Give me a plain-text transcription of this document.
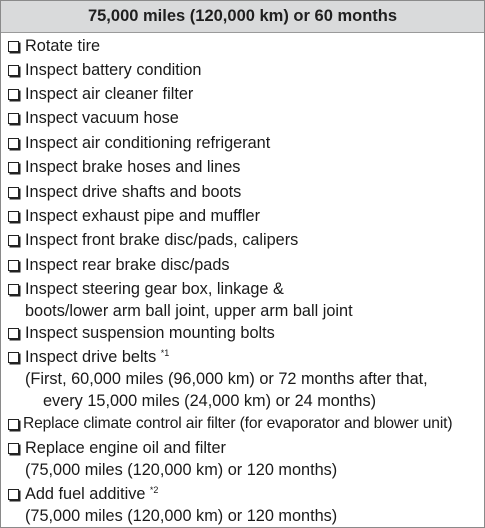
75,000 miles (120,000 km) or 60 months
Rotate tire
Inspect battery condition
Inspect air cleaner filter
Inspect vacuum hose
Inspect air conditioning refrigerant
Inspect brake hoses and lines
Inspect drive shafts and boots
Inspect exhaust pipe and muffler
Inspect front brake disc/pads, calipers
Inspect rear brake disc/pads
Inspect steering gear box, linkage &
boots/lower arm ball joint, upper arm ball joint
Inspect suspension mounting bolts
Inspect drive belts $^{*1}$
(First, 60,000 miles (96,000 km) or 72 months after that,
every 15,000 miles (24,000 km) or 24 months)
Replace climate control air filter (for evaporator and blower unit)
Replace engine oil and filter
(75,000 miles (120,000 km) or 120 months)
Add fuel additive $^{*2}$
(75,000 miles (120,000 km) or 120 months)
